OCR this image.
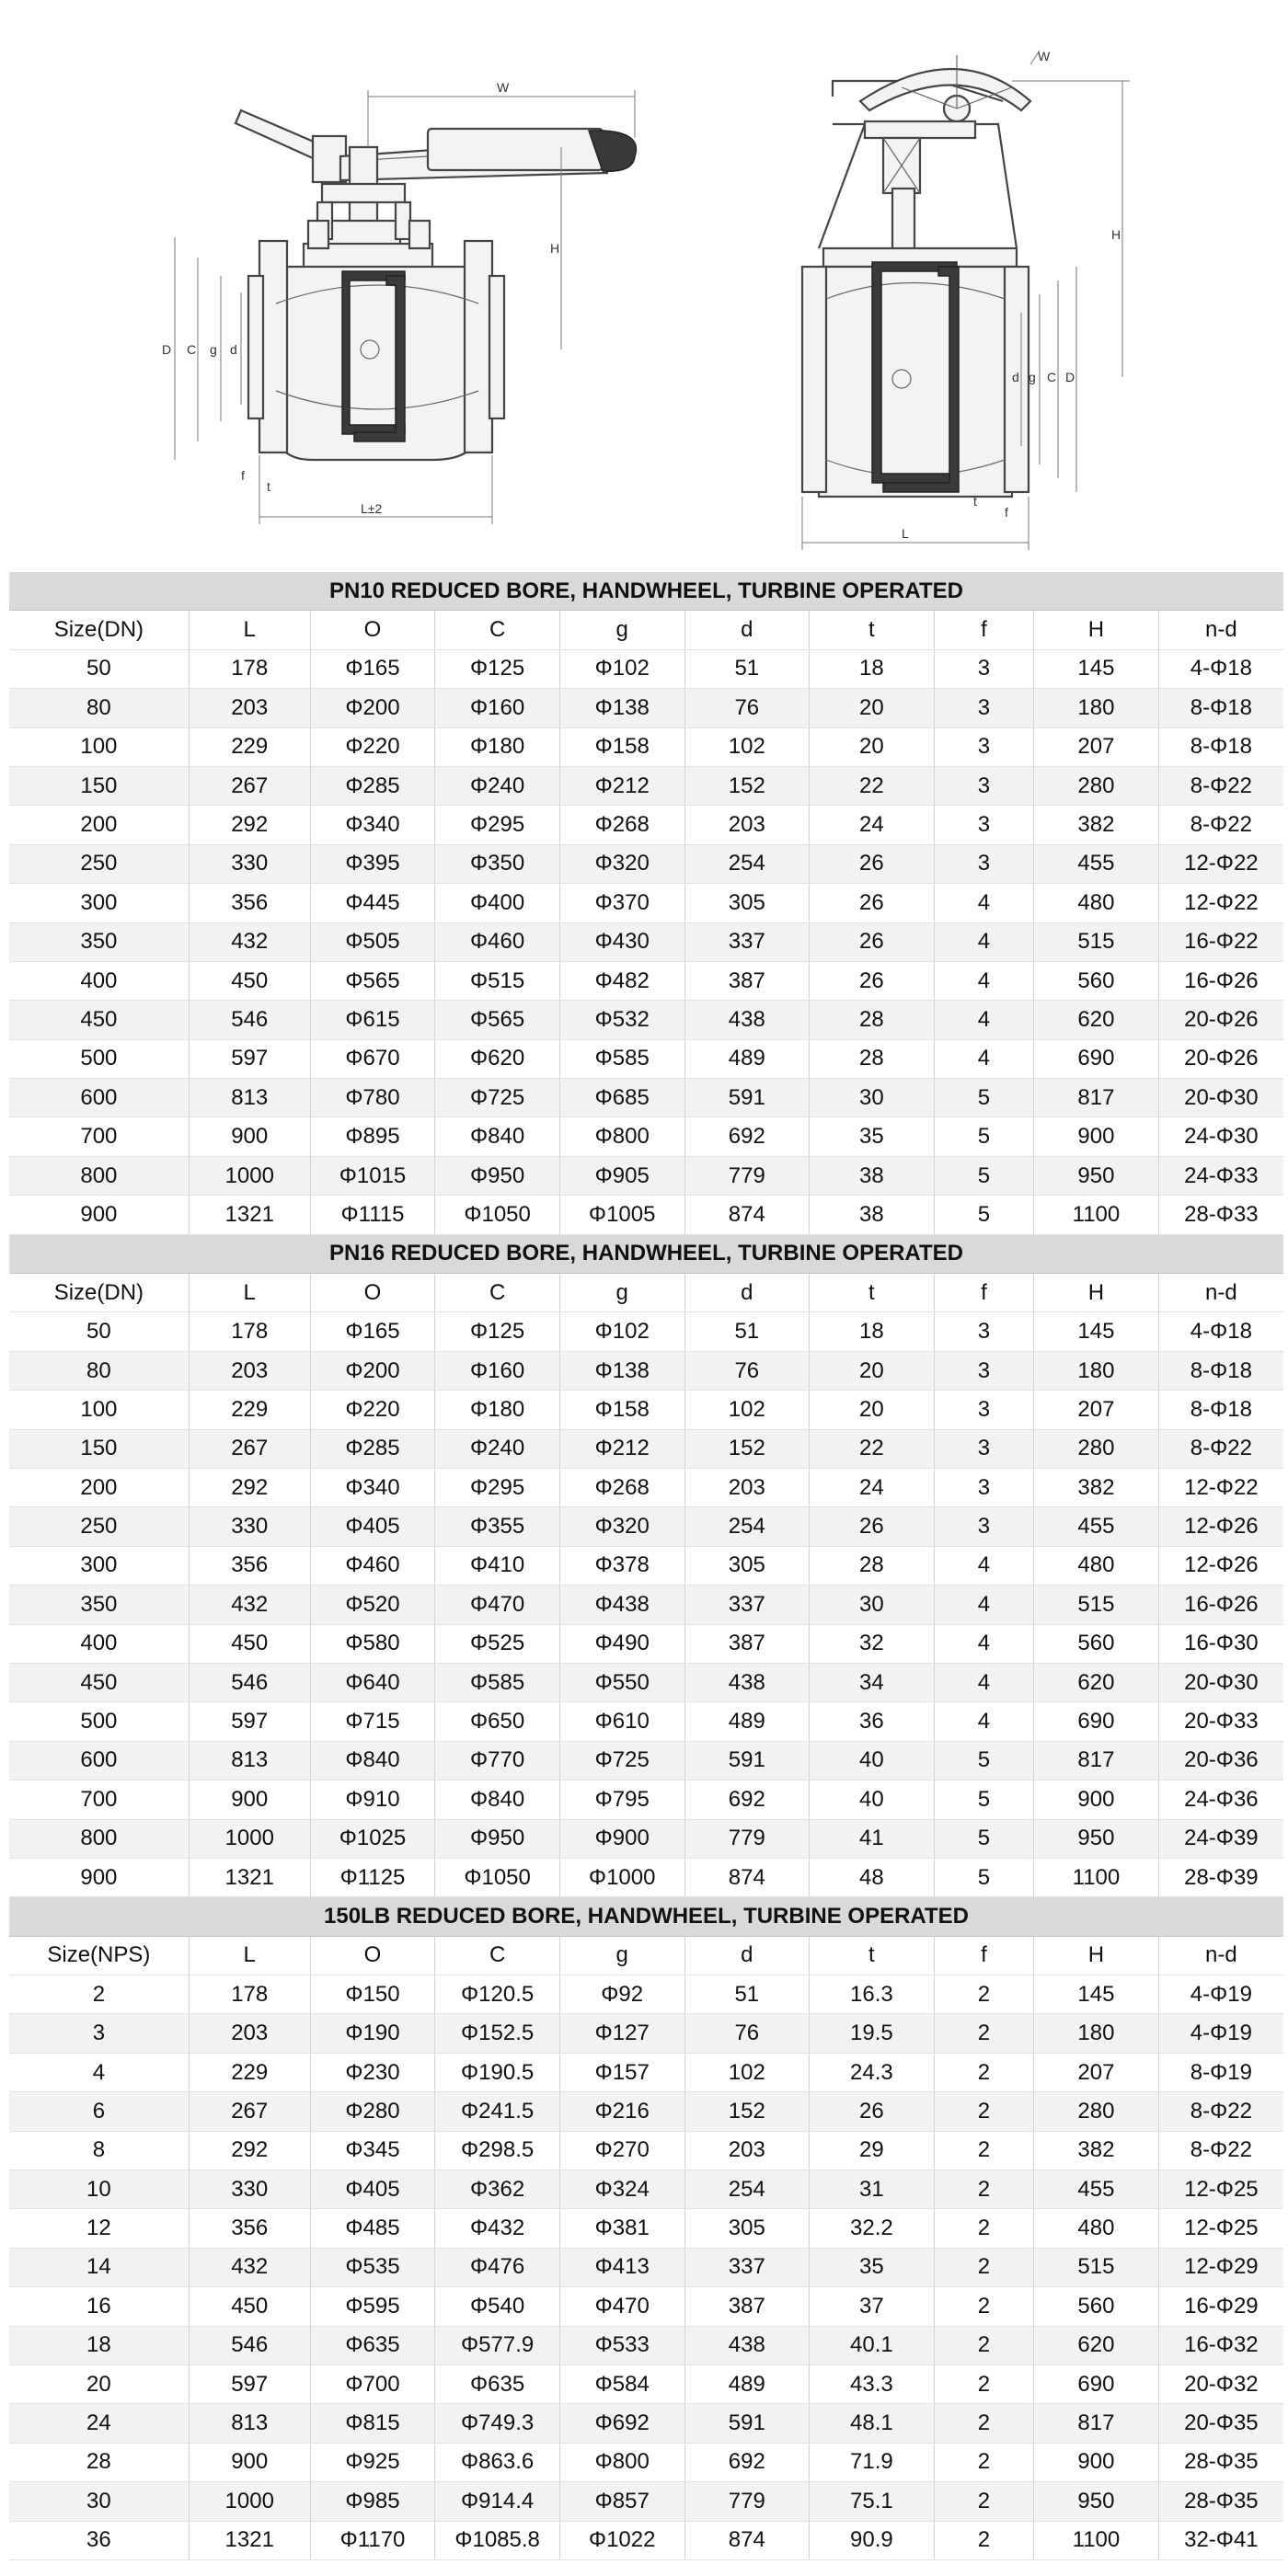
W
H
D C g d
f
t
L±2
W
H
D
C
g
d
f
t
L
PN10 REDUCED BORE, HANDWHEEL, TURBINE OPERATED									
Size(DN)	L	O	C	g	d	t	f	H	n-d
50	178	Φ165	Φ125	Φ102	51	18	3	145	4-Φ18
80	203	Φ200	Φ160	Φ138	76	20	3	180	8-Φ18
100	229	Φ220	Φ180	Φ158	102	20	3	207	8-Φ18
150	267	Φ285	Φ240	Φ212	152	22	3	280	8-Φ22
200	292	Φ340	Φ295	Φ268	203	24	3	382	8-Φ22
250	330	Φ395	Φ350	Φ320	254	26	3	455	12-Φ22
300	356	Φ445	Φ400	Φ370	305	26	4	480	12-Φ22
350	432	Φ505	Φ460	Φ430	337	26	4	515	16-Φ22
400	450	Φ565	Φ515	Φ482	387	26	4	560	16-Φ26
450	546	Φ615	Φ565	Φ532	438	28	4	620	20-Φ26
500	597	Φ670	Φ620	Φ585	489	28	4	690	20-Φ26
600	813	Φ780	Φ725	Φ685	591	30	5	817	20-Φ30
700	900	Φ895	Φ840	Φ800	692	35	5	900	24-Φ30
800	1000	Φ1015	Φ950	Φ905	779	38	5	950	24-Φ33
900	1321	Φ1115	Φ1050	Φ1005	874	38	5	1100	28-Φ33
PN16 REDUCED BORE, HANDWHEEL, TURBINE OPERATED									
Size(DN)	L	O	C	g	d	t	f	H	n-d
50	178	Φ165	Φ125	Φ102	51	18	3	145	4-Φ18
80	203	Φ200	Φ160	Φ138	76	20	3	180	8-Φ18
100	229	Φ220	Φ180	Φ158	102	20	3	207	8-Φ18
150	267	Φ285	Φ240	Φ212	152	22	3	280	8-Φ22
200	292	Φ340	Φ295	Φ268	203	24	3	382	12-Φ22
250	330	Φ405	Φ355	Φ320	254	26	3	455	12-Φ26
300	356	Φ460	Φ410	Φ378	305	28	4	480	12-Φ26
350	432	Φ520	Φ470	Φ438	337	30	4	515	16-Φ26
400	450	Φ580	Φ525	Φ490	387	32	4	560	16-Φ30
450	546	Φ640	Φ585	Φ550	438	34	4	620	20-Φ30
500	597	Φ715	Φ650	Φ610	489	36	4	690	20-Φ33
600	813	Φ840	Φ770	Φ725	591	40	5	817	20-Φ36
700	900	Φ910	Φ840	Φ795	692	40	5	900	24-Φ36
800	1000	Φ1025	Φ950	Φ900	779	41	5	950	24-Φ39
900	1321	Φ1125	Φ1050	Φ1000	874	48	5	1100	28-Φ39
150LB REDUCED BORE, HANDWHEEL, TURBINE OPERATED									
Size(NPS)	L	O	C	g	d	t	f	H	n-d
2	178	Φ150	Φ120.5	Φ92	51	16.3	2	145	4-Φ19
3	203	Φ190	Φ152.5	Φ127	76	19.5	2	180	4-Φ19
4	229	Φ230	Φ190.5	Φ157	102	24.3	2	207	8-Φ19
6	267	Φ280	Φ241.5	Φ216	152	26	2	280	8-Φ22
8	292	Φ345	Φ298.5	Φ270	203	29	2	382	8-Φ22
10	330	Φ405	Φ362	Φ324	254	31	2	455	12-Φ25
12	356	Φ485	Φ432	Φ381	305	32.2	2	480	12-Φ25
14	432	Φ535	Φ476	Φ413	337	35	2	515	12-Φ29
16	450	Φ595	Φ540	Φ470	387	37	2	560	16-Φ29
18	546	Φ635	Φ577.9	Φ533	438	40.1	2	620	16-Φ32
20	597	Φ700	Φ635	Φ584	489	43.3	2	690	20-Φ32
24	813	Φ815	Φ749.3	Φ692	591	48.1	2	817	20-Φ35
28	900	Φ925	Φ863.6	Φ800	692	71.9	2	900	28-Φ35
30	1000	Φ985	Φ914.4	Φ857	779	75.1	2	950	28-Φ35
36	1321	Φ1170	Φ1085.8	Φ1022	874	90.9	2	1100	32-Φ41
